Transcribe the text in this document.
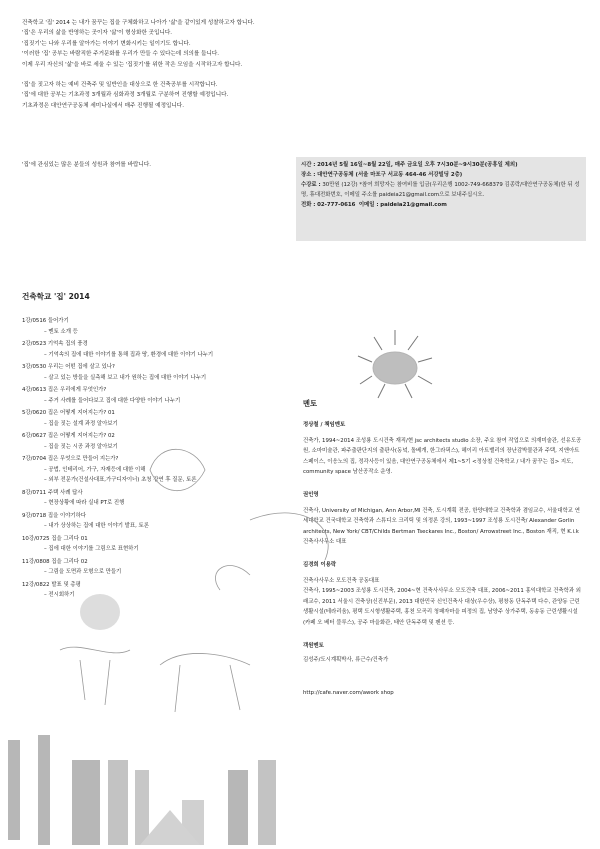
건축학교 '집' 2014 는 내가 꿈꾸는 집을 구체화하고 나아가 '삶'을 같이있게 성찰하고자 합니다.

'집'은 우리의 삶을 반영하는 곳이자 '삶'이 형상화한 곳입니다.

'집짓기'는 나와 우리를 알아가는 이야기 변화시키는 일이기도 합니다.

'이러한 '집' 공부는 바람직한 주거문화를 우리가 만들 수 있다는데 의의를 둡니다.

이제 우리 자신의 '삶'을 바로 세울 수 있는 '집짓기'를 위한 작은 모임을 시작하고자 합니다.

'집'을 짓고자 하는 예비 건축주 및 일반인을 대상으로 한 건축공부를 시작합니다.

'집'에 대한 공부는 기초과정 3개월과 심화과정 3개월로 구분하여 진행할 예정입니다.

기초과정은 대안연구공동체 세미나실에서 매주 진행될 예정입니다.

'집'에 관심있는 많은 분들의 성원과 참여를 바랍니다.	시간 : 2014년 5월 16일~8월 22일, 매주 금요일 오후 7시30분~9시30분(공휴일 제외)

장소 : 대안연구공동체 (서울 마포구 서교동 464-46 서강빌딩 2층)

수강료 : 30만원 (12강) *참여 희망자는 참여비를 입금(우리은행 1002-749-668379 김종락/대안연구공동체)한 뒤 성명, 휴대전화번호, 이메일 주소를 paideia21@gmail.com으로 보내주십시오.

전화 : 02-777-0616 이메일 : paideia21@gmail.com

건축학교 '집' 2014

1강/0516 들어가기

– 멘토 소개 등

2강/0523 기억속 집의 풍경

– 기억속의 집에 대한 이야기를 통해 집과 땅, 환경에 대한 이야기 나누기

3강/0530 우리는 어떤 집에 살고 있나?

– 살고 있는 방들을 실측해 보고 내가 원하는 집에 대한 이야기 나누기

4강/0613 집은 우리에게 무엇인가?

– 주거 사례를 들어다보고 집에 대한 다양한 이야기 나누기

5강/0620 집은 어떻게 지어지는가? 01

– 집을 짓는 설계 과정 알아보기

6강/0627 집은 어떻게 지어지는가? 02

– 집을 짓는 시공 과정 알아보기

7강/0704 집은 무엇으로 만들어 지는가?

– 공법, 인테리어, 가구, 자재등에 대한 이해

– 외부 전문가(건설사대표,가구디자이너) 초청 강연 후 질문, 토론

8강/0711 주택 사례 답사

– 현장상황에 따라 실내 PT로 진행

9강/0718 집을 이야기하다

– 내가 상상하는 집에 대한 이야기 발표, 토론

10강/0725 집을 그리다 01

– 집에 대한 이야기를 그림으로 표현하기

11강/0808 집을 그리다 02

– 그림을 도면과 모형으로 만들기

12강/0822 발표 및 총평

– 전시회하기

멘토

정상철 / 책임멘토

건축가, 1994~2014 조성룡 도시건축 재직/현 jsc architects studio 소장, 주요 참여 작업으로 의재미술관, 선유도공원, 소마미술관, 파주출판단지의 출판사(동녘, 돌베개, 한그라픽스), 헤이리 아트밸리의 장난감박물관과 주택, 지앤아트스페이스, 이응노의 집, 정각사등이 있음, 대안연구공동체에서 제1~5기 <정상철 건축학교 / 내가 꿈꾸는 집> 지도, community space 남산공작소 운영.

권인영

건축사, University of Michigan, Ann Arbor,MI 건축, 도시계획 전공, 한양대학교 건축학과 겸임교수, 서울대학교 연세대학교 건국대학교 건축학과 스튜디오 크리틱 및 의정론 강의, 1993~1997 조성룡 도시건축/ Alexander Gorlin architects, New York/ CBT/Childs Bertman Tseckares Inc., Boston/ Arrowstreet Inc., Boston 재직, 현 K.i.k 건축사사무소 대표

김경희 이용락

건축사사무소 모도건축 공동대표
건축사, 1995~2003 조성룡 도시건축, 2004~현 건축사사무소 모도건축 대표, 2006~2011 홍익대학교 건축학과 외래교수, 2011 서울시 건축상(신진부문), 2013 대한민국 신인건축사 대상(우수상), 평창동 단독주택 다수, 관양동 근린생활시설(테라리움), 평택 도시형생활주택, 홍천 모곡리 청패자마을 피정의 집, 남양주 상가주택, 동송동 근린생활시설(카페 오 베터 블루스), 공주 마을화관, 태안 단독주택 및 펜션 등.

객원멘토

김성주/도시계획박사, 류근수/건축가

http://cafe.naver.com/awork shop
